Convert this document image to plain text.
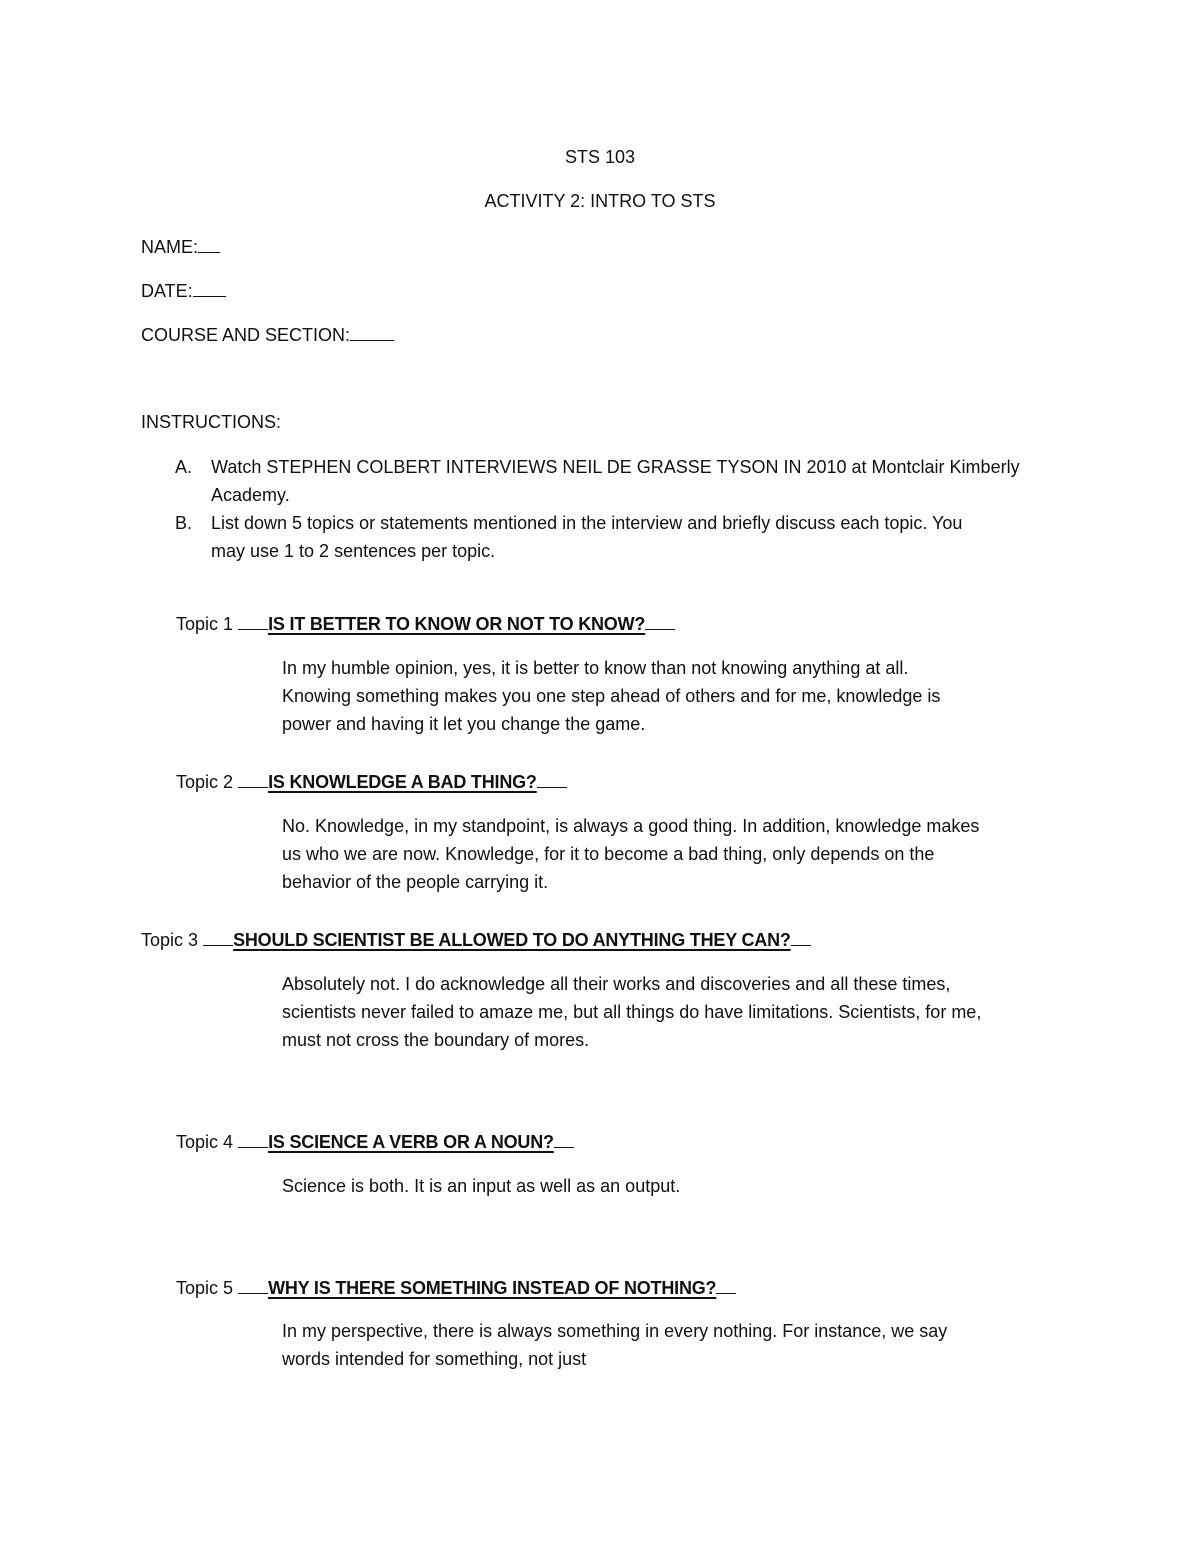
STS 103
ACTIVITY 2: INTRO TO STS
NAME:
DATE:
COURSE AND SECTION:
INSTRUCTIONS:
A. Watch STEPHEN COLBERT INTERVIEWS NEIL DE GRASSE TYSON IN 2010 at Montclair Kimberly
Academy.
B. List down 5 topics or statements mentioned in the interview and briefly discuss each topic. You
may use 1 to 2 sentences per topic.
Topic 1 IS IT BETTER TO KNOW OR NOT TO KNOW?
In my humble opinion, yes, it is better to know than not knowing anything at all.
Knowing something makes you one step ahead of others and for me, knowledge is
power and having it let you change the game.
Topic 2 IS KNOWLEDGE A BAD THING?
No. Knowledge, in my standpoint, is always a good thing. In addition, knowledge makes
us who we are now. Knowledge, for it to become a bad thing, only depends on the
behavior of the people carrying it.
Topic 3 SHOULD SCIENTIST BE ALLOWED TO DO ANYTHING THEY CAN?
Absolutely not. I do acknowledge all their works and discoveries and all these times,
scientists never failed to amaze me, but all things do have limitations. Scientists, for me,
must not cross the boundary of mores.
Topic 4 IS SCIENCE A VERB OR A NOUN?
Science is both. It is an input as well as an output.
Topic 5 WHY IS THERE SOMETHING INSTEAD OF NOTHING?
In my perspective, there is always something in every nothing. For instance, we say
words intended for something, not just
